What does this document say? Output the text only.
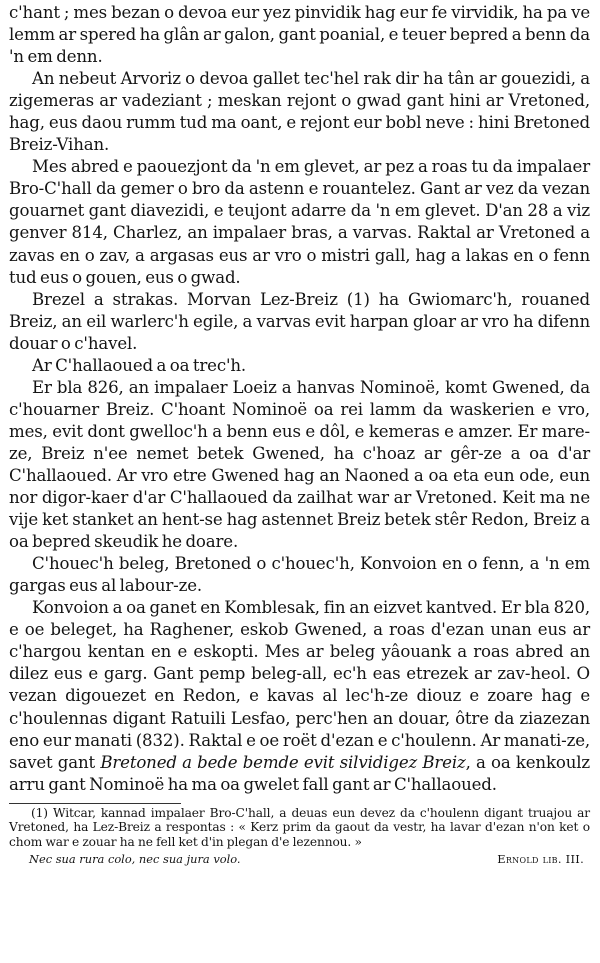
c'hant ; mes bezan o devoa eur yez pinvidik hag eur fe virvidik, ha pa ve lemm ar spered ha glân ar galon, gant poanial, e teuer bepred a benn da 'n em denn.

An nebeut Arvoriz o devoa gallet tec'hel rak dir ha tân ar gouezidi, a zigemeras ar vadeziant ; meskan rejont o gwad gant hini ar Vretoned, hag, eus daou rumm tud ma oant, e rejont eur bobl neve : hini Bretoned Breiz-Vihan.

Mes abred e paouezjont da 'n em glevet, ar pez a roas tu da impalaer Bro-C'hall da gemer o bro da astenn e rouantelez. Gant ar vez da vezan gouarnet gant diavezidi, e teujont adarre da 'n em glevet. D'an 28 a viz genver 814, Charlez, an impalaer bras, a varvas. Raktal ar Vretoned a zavas en o zav, a argasas eus ar vro o mistri gall, hag a lakas en o fenn tud eus o gouen, eus o gwad.

Brezel a strakas. Morvan Lez-Breiz (1) ha Gwiomarc'h, rouaned Breiz, an eil warlerc'h egile, a varvas evit harpan gloar ar vro ha difenn douar o c'havel.

Ar C'hallaoued a oa trec'h.

Er bla 826, an impalaer Loeiz a hanvas Nominoë, komt Gwened, da c'houarner Breiz. C'hoant Nominoë oa rei lamm da waskerien e vro, mes, evit dont gwelloc'h a benn eus e dôl, e kemeras e amzer. Er mare-ze, Breiz n'ee nemet betek Gwened, ha c'hoaz ar gêr-ze a oa d'ar C'hallaoued. Ar vro etre Gwened hag an Naoned a oa eta eun ode, eun nor digor-kaer d'ar C'hallaoued da zailhat war ar Vretoned. Keit ma ne vije ket stanket an hent-se hag astennet Breiz betek stêr Redon, Breiz a oa bepred skeudik he doare.

C'houec'h beleg, Bretoned o c'houec'h, Konvoion en o fenn, a 'n em gargas eus al labour-ze.

Konvoion a oa ganet en Komblesak, fin an eizvet kantved. Er bla 820, e oe beleget, ha Raghener, eskob Gwened, a roas d'ezan unan eus ar c'hargou kentan en e eskopti. Mes ar beleg yâouank a roas abred an dilez eus e garg. Gant pemp beleg-all, ec'h eas etrezek ar zav-heol. O vezan digouezet en Redon, e kavas al lec'h-ze diouz e zoare hag e c'houlennas digant Ratuili Lesfao, perc'hen an douar, ôtre da ziazezan eno eur manati (832). Raktal e oe roët d'ezan e c'houlenn. Ar manati-ze, savet gant Bretoned a bede bemde evit silvidigez Breiz, a oa kenkoulz arru gant Nominoë ha ma oa gwelet fall gant ar C'hallaoued.

(1) Witcar, kannad impalaer Bro-C'hall, a deuas eun devez da c'houlenn digant truajou ar Vretoned, ha Lez-Breiz a respontas : « Kerz prim da gaout da vestr, ha lavar d'ezan n'on ket o chom war e zouar ha ne fell ket d'in plegan d'e lezennou. »

Nec sua rura colo, nec sua jura volo.	Ernold lib. III.
